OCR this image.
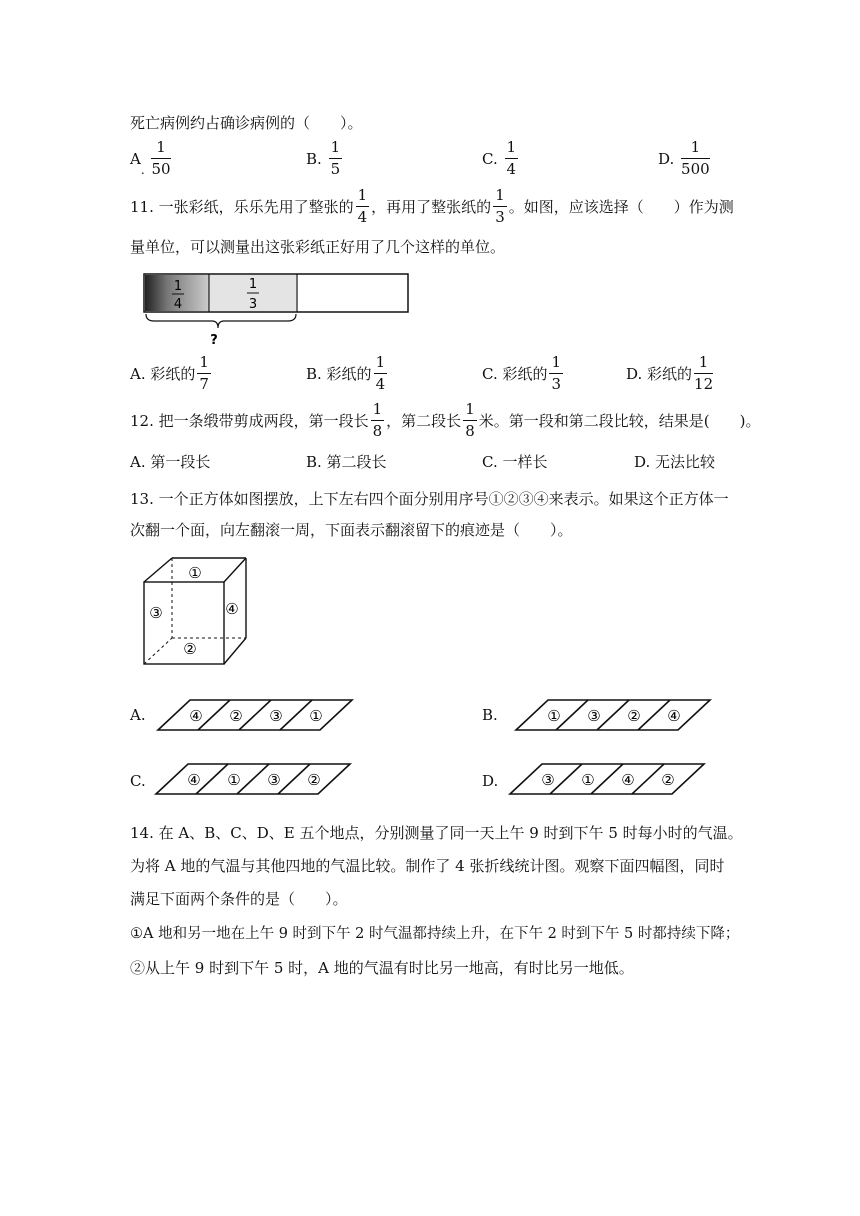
死亡病例约占确诊病例的（　　）。
A. $\frac{1}{50}$	B. $\frac{1}{5}$	C. $\frac{1}{4}$	D. $\frac{1}{500}$
11. 一张彩纸，乐乐先用了整张的 $\frac{1}{4}$ ，再用了整张纸的 $\frac{1}{3}$ 。如图，应该选择（　　）作为测
量单位，可以测量出这张彩纸正好用了几个这样的单位。
1
4
1
3
?
A. 彩纸的 $\frac{1}{7}$	B. 彩纸的 $\frac{1}{4}$	C. 彩纸的 $\frac{1}{3}$	D. 彩纸的 $\frac{1}{12}$
12. 把一条缎带剪成两段，第一段长 $\frac{1}{8}$ ，第二段长 $\frac{1}{8}$ 米。第一段和第二段比较，结果是(　　)。
A. 第一段长	B. 第二段长	C. 一样长	D. 无法比较
13. 一个正方体如图摆放，上下左右四个面分别用序号①②③④来表示。如果这个正方体一
次翻一个面，向左翻滚一周，下面表示翻滚留下的痕迹是（　　）。
①
③	④
②
A.	④ ② ③ ①	B.	① ③ ② ④
C.	④ ① ③ ②	D.	③ ① ④ ②
14. 在 A、B、C、D、E 五个地点，分别测量了同一天上午 9 时到下午 5 时每小时的气温。
为将 A 地的气温与其他四地的气温比较。制作了 4 张折线统计图。观察下面四幅图，同时
满足下面两个条件的是（　　）。
①A 地和另一地在上午 9 时到下午 2 时气温都持续上升，在下午 2 时到下午 5 时都持续下降；
②从上午 9 时到下午 5 时，A 地的气温有时比另一地高，有时比另一地低。
